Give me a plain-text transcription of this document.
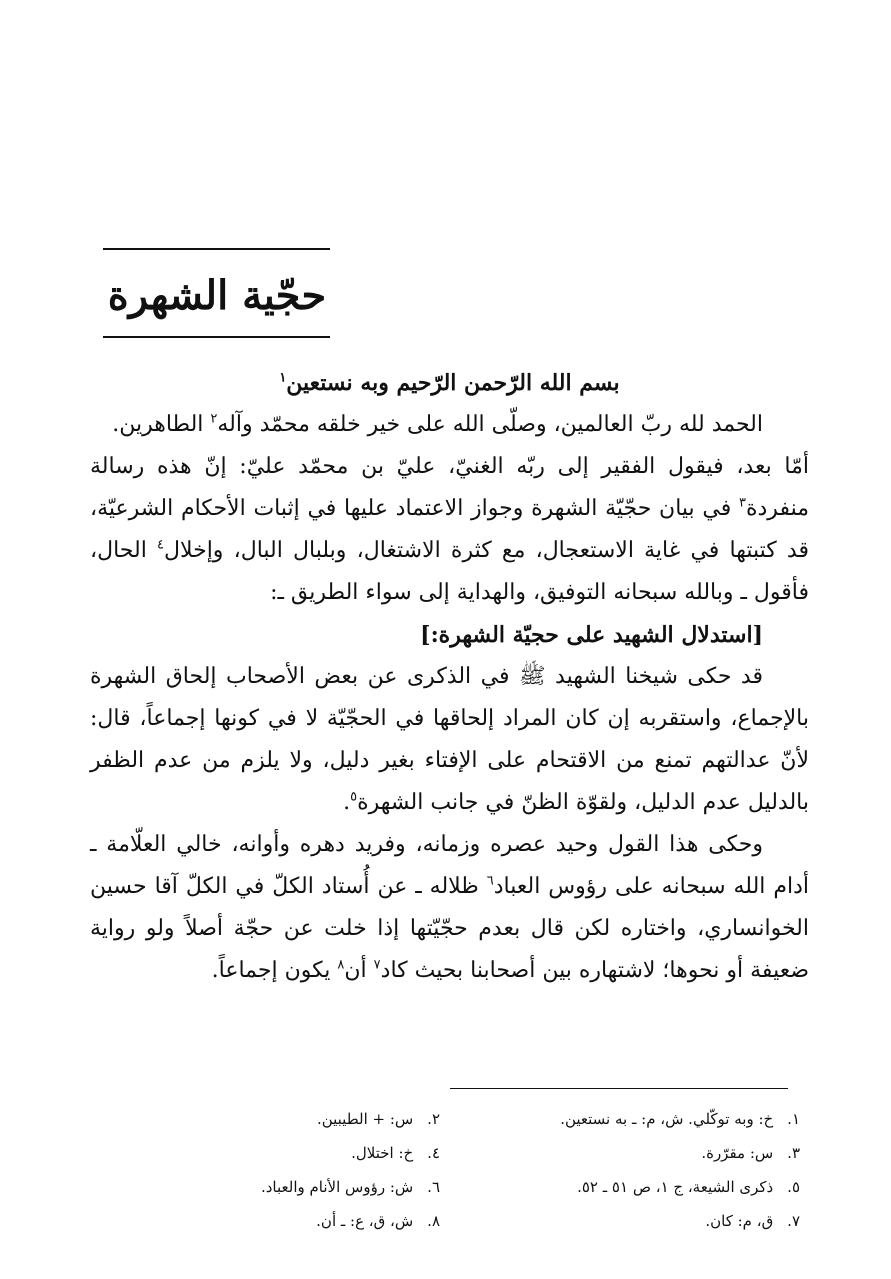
حجّية الشهرة

بسم الله الرّحمن الرّحيم وبه نستعين$^١$

الحمد لله ربّ العالمين، وصلّى الله على خير خلقه محمّد وآله$^٢$ الطاهرين.

أمّا بعد، فيقول الفقير إلى ربّه الغنيّ، عليّ بن محمّد عليّ: إنّ هذه رسالة منفردة$^٣$ في بيان حجّيّة الشهرة وجواز الاعتماد عليها في إثبات الأحكام الشرعيّة، قد كتبتها في غاية الاستعجال، مع كثرة الاشتغال، وبلبال البال، وإخلال$^٤$ الحال، فأقول ـ وبالله سبحانه التوفيق، والهداية إلى سواء الطريق ـ:

[استدلال الشهيد على حجيّة الشهرة:]

قد حكى شيخنا الشهيد ﷺ في الذكرى عن بعض الأصحاب إلحاق الشهرة بالإجماع، واستقربه إن كان المراد إلحاقها في الحجّيّة لا في كونها إجماعاً، قال: لأنّ عدالتهم تمنع من الاقتحام على الإفتاء بغير دليل، ولا يلزم من عدم الظفر بالدليل عدم الدليل، ولقوّة الظنّ في جانب الشهرة$^٥$.

وحكى هذا القول وحيد عصره وزمانه، وفريد دهره وأوانه، خالي العلّامة ـ أدام الله سبحانه على رؤوس العباد$^٦$ ظلاله ـ عن أُستاد الكلّ في الكلّ آقا حسين الخوانساري، واختاره لكن قال بعدم حجّيّتها إذا خلت عن حجّة أصلاً ولو رواية ضعيفة أو نحوها؛ لاشتهاره بين أصحابنا بحيث كاد$^٧$ أن$^٨$ يكون إجماعاً.

١. خ: وبه توكّلي. ش، م: ـ به نستعين.
٢. س: + الطيبين.
٣. س: مقرّرة.
٤. خ: اختلال.
٥. ذكرى الشيعة، ج ١، ص ٥١ ـ ٥٢.
٦. ش: رؤوس الأنام والعباد.
٧. ق، م: كان.
٨. ش، ق، ع: ـ أن.
